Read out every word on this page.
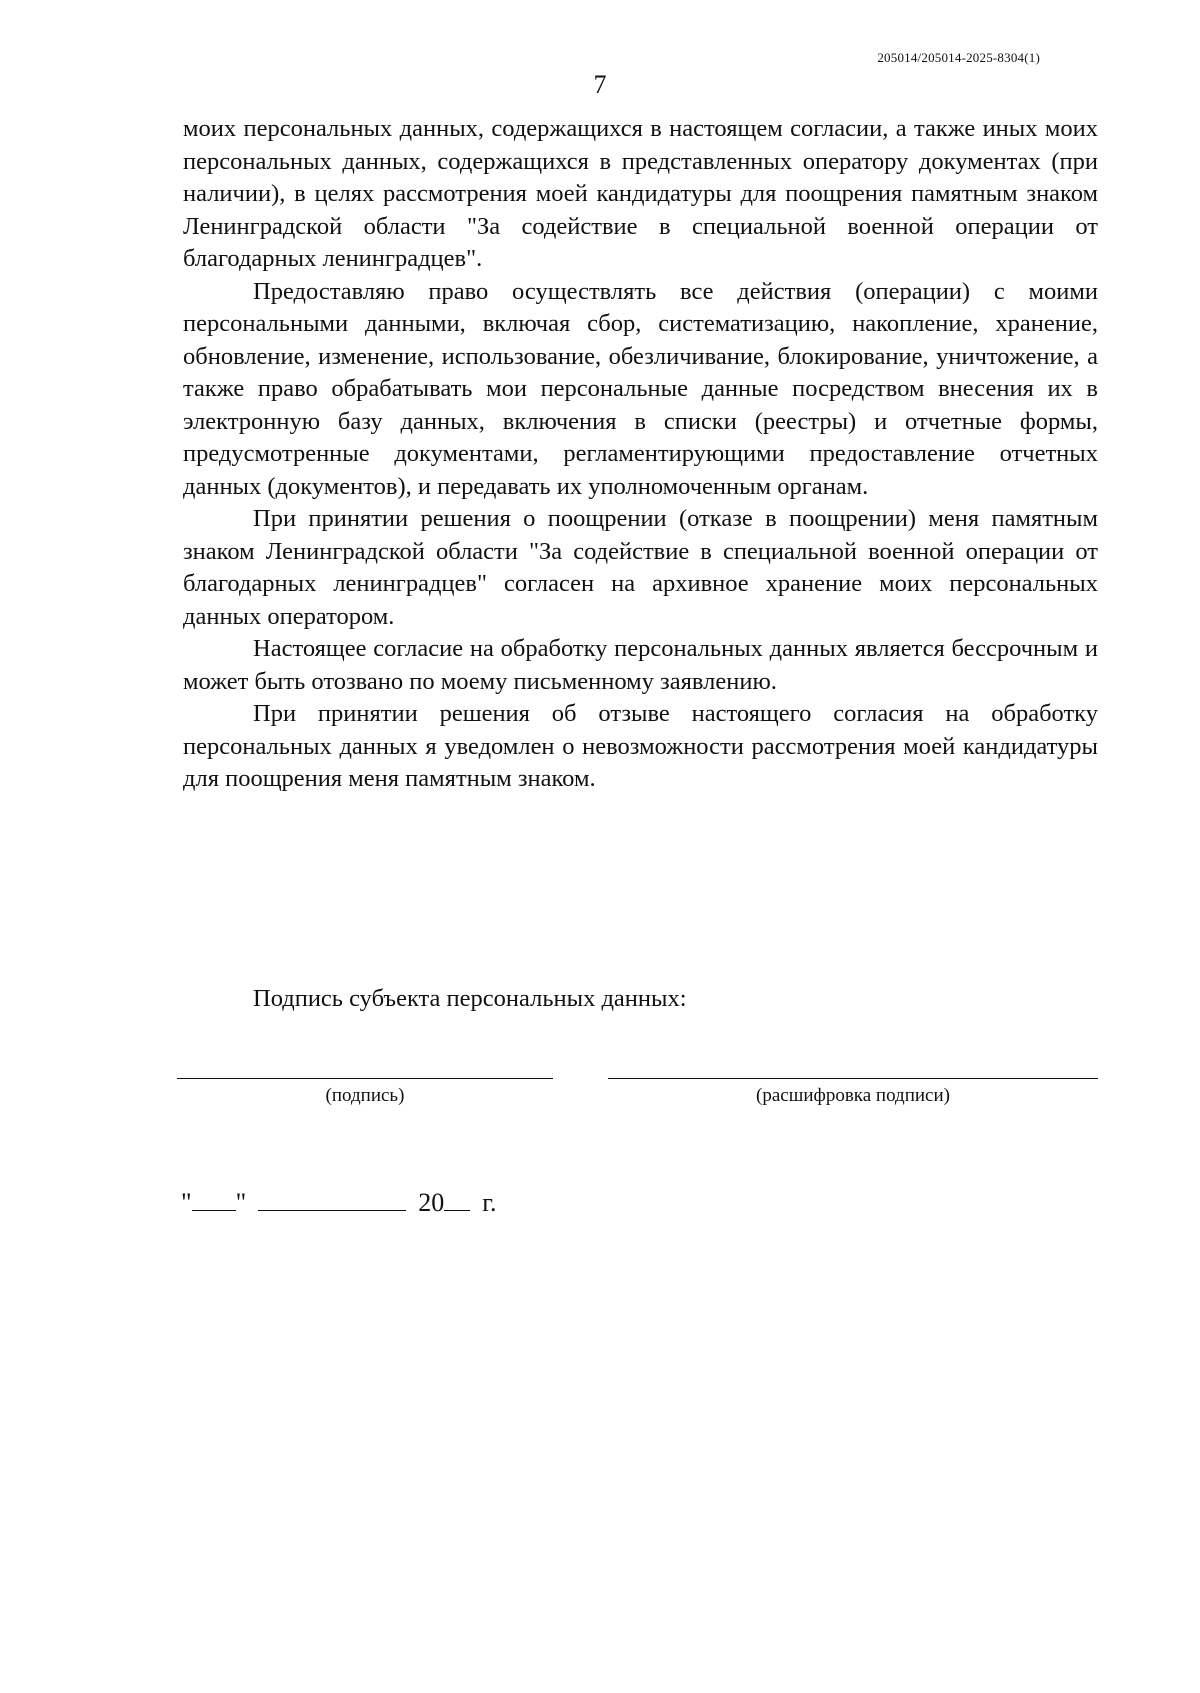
205014/205014-2025-8304(1)
7

моих персональных данных, содержащихся в настоящем согласии, а также иных моих персональных данных, содержащихся в представленных оператору документах (при наличии), в целях рассмотрения моей кандидатуры для поощрения памятным знаком Ленинградской области "За содействие в специальной военной операции от благодарных ленинградцев".

Предоставляю право осуществлять все действия (операции) с моими персональными данными, включая сбор, систематизацию, накопление, хранение, обновление, изменение, использование, обезличивание, блокирование, уничтожение, а также право обрабатывать мои персональные данные посредством внесения их в электронную базу данных, включения в списки (реестры) и отчетные формы, предусмотренные документами, регламентирующими предоставление отчетных данных (документов), и передавать их уполномоченным органам.

При принятии решения о поощрении (отказе в поощрении) меня памятным знаком Ленинградской области "За содействие в специальной военной операции от благодарных ленинградцев" согласен на архивное хранение моих персональных данных оператором.

Настоящее согласие на обработку персональных данных является бессрочным и может быть отозвано по моему письменному заявлению.

При принятии решения об отзыве настоящего согласия на обработку персональных данных я уведомлен о невозможности рассмотрения моей кандидатуры для поощрения меня памятным знаком.

Подпись субъекта персональных данных:
(подпись)	(расшифровка подписи)
" "	20 г.
